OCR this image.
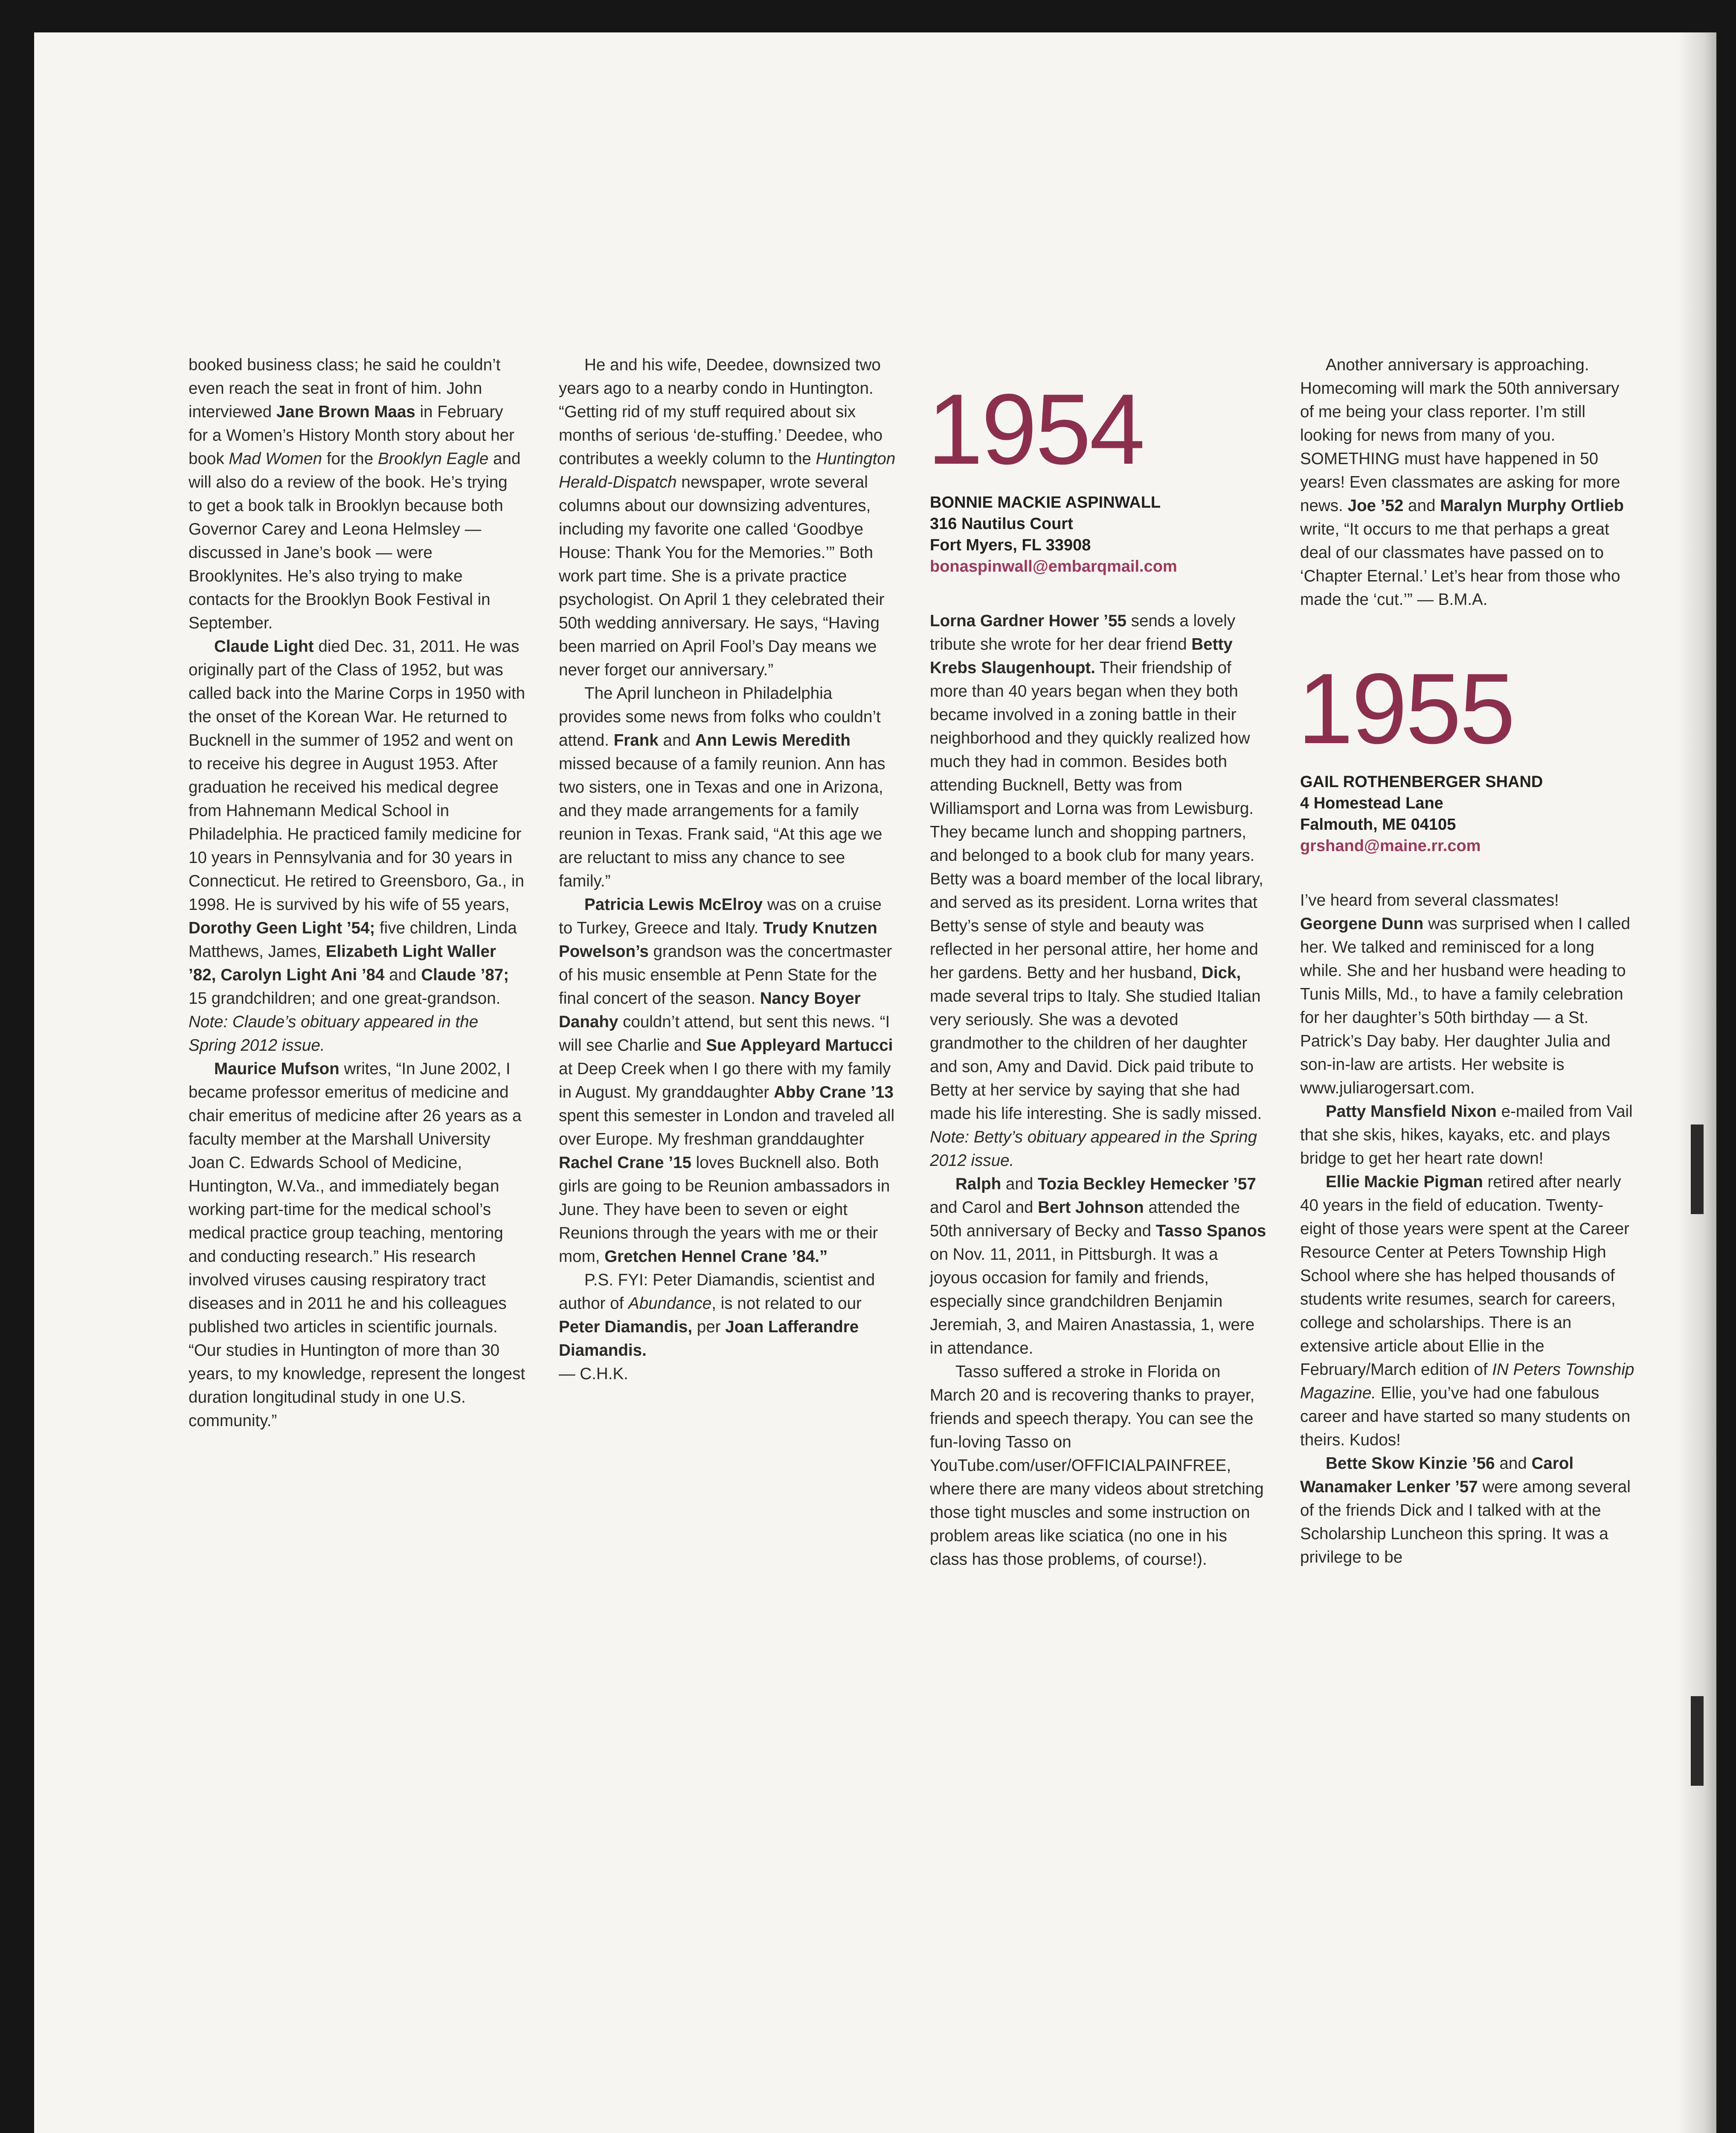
booked business class; he said he couldn’t even reach the seat in front of him. John interviewed Jane Brown Maas in February for a Women’s History Month story about her book Mad Women for the Brooklyn Eagle and will also do a review of the book. He’s trying to get a book talk in Brooklyn because both Governor Carey and Leona Helmsley — discussed in Jane’s book — were Brooklynites. He’s also trying to make contacts for the Brooklyn Book Festival in September.

Claude Light died Dec. 31, 2011. He was originally part of the Class of 1952, but was called back into the Marine Corps in 1950 with the onset of the Korean War. He returned to Bucknell in the summer of 1952 and went on to receive his degree in August 1953. After graduation he received his medical degree from Hahnemann Medical School in Philadelphia. He practiced family medicine for 10 years in Pennsylvania and for 30 years in Connecticut. He retired to Greensboro, Ga., in 1998. He is survived by his wife of 55 years, Dorothy Geen Light ’54; five children, Linda Matthews, James, Elizabeth Light Waller ’82, Carolyn Light Ani ’84 and Claude ’87; 15 grandchildren; and one great-grandson. Note: Claude’s obituary appeared in the Spring 2012 issue.

Maurice Mufson writes, “In June 2002, I became professor emeritus of medicine and chair emeritus of medicine after 26 years as a faculty member at the Marshall University Joan C. Edwards School of Medicine, Huntington, W.Va., and immediately began working part-time for the medical school’s medical practice group teaching, mentoring and conducting research.” His research involved viruses causing respiratory tract diseases and in 2011 he and his colleagues published two articles in scientific journals. “Our studies in Huntington of more than 30 years, to my knowledge, represent the longest duration longitudinal study in one U.S. community.”

He and his wife, Deedee, downsized two years ago to a nearby condo in Huntington. “Getting rid of my stuff required about six months of serious ‘de-stuffing.’ Deedee, who contributes a weekly column to the Huntington Herald-Dispatch newspaper, wrote several columns about our downsizing adventures, including my favorite one called ‘Goodbye House: Thank You for the Memories.’” Both work part time. She is a private practice psychologist. On April 1 they celebrated their 50th wedding anniversary. He says, “Having been married on April Fool’s Day means we never forget our anniversary.”

The April luncheon in Philadelphia provides some news from folks who couldn’t attend. Frank and Ann Lewis Meredith missed because of a family reunion. Ann has two sisters, one in Texas and one in Arizona, and they made arrangements for a family reunion in Texas. Frank said, “At this age we are reluctant to miss any chance to see family.”

Patricia Lewis McElroy was on a cruise to Turkey, Greece and Italy. Trudy Knutzen Powelson’s grandson was the concertmaster of his music ensemble at Penn State for the final concert of the season. Nancy Boyer Danahy couldn’t attend, but sent this news. “I will see Charlie and Sue Appleyard Martucci at Deep Creek when I go there with my family in August. My granddaughter Abby Crane ’13 spent this semester in London and traveled all over Europe. My freshman granddaughter Rachel Crane ’15 loves Bucknell also. Both girls are going to be Reunion ambassadors in June. They have been to seven or eight Reunions through the years with me or their mom, Gretchen Hennel Crane ’84.”

P.S. FYI: Peter Diamandis, scientist and author of Abundance, is not related to our Peter Diamandis, per Joan Lafferandre Diamandis.

— C.H.K.

1954
BONNIE MACKIE ASPINWALL
316 Nautilus Court
Fort Myers, FL 33908
bonaspinwall@embarqmail.com

Lorna Gardner Hower ’55 sends a lovely tribute she wrote for her dear friend Betty Krebs Slaugenhoupt. Their friendship of more than 40 years began when they both became involved in a zoning battle in their neighborhood and they quickly realized how much they had in common. Besides both attending Bucknell, Betty was from Williamsport and Lorna was from Lewisburg. They became lunch and shopping partners, and belonged to a book club for many years. Betty was a board member of the local library, and served as its president. Lorna writes that Betty’s sense of style and beauty was reflected in her personal attire, her home and her gardens. Betty and her husband, Dick, made several trips to Italy. She studied Italian very seriously. She was a devoted grandmother to the children of her daughter and son, Amy and David. Dick paid tribute to Betty at her service by saying that she had made his life interesting. She is sadly missed. Note: Betty’s obituary appeared in the Spring 2012 issue.

Ralph and Tozia Beckley Hemecker ’57 and Carol and Bert Johnson attended the 50th anniversary of Becky and Tasso Spanos on Nov. 11, 2011, in Pittsburgh. It was a joyous occasion for family and friends, especially since grandchildren Benjamin Jeremiah, 3, and Mairen Anastassia, 1, were in attendance.

Tasso suffered a stroke in Florida on March 20 and is recovering thanks to prayer, friends and speech therapy. You can see the fun-loving Tasso on YouTube.com/user/OFFICIALPAINFREE, where there are many videos about stretching those tight muscles and some instruction on problem areas like sciatica (no one in his class has those problems, of course!).

Another anniversary is approaching. Homecoming will mark the 50th anniversary of me being your class reporter. I’m still looking for news from many of you. SOMETHING must have happened in 50 years! Even classmates are asking for more news. Joe ’52 and Maralyn Murphy Ortlieb write, “It occurs to me that perhaps a great deal of our classmates have passed on to ‘Chapter Eternal.’ Let’s hear from those who made the ‘cut.’” — B.M.A.

1955
GAIL ROTHENBERGER SHAND
4 Homestead Lane
Falmouth, ME 04105
grshand@maine.rr.com

I’ve heard from several classmates! Georgene Dunn was surprised when I called her. We talked and reminisced for a long while. She and her husband were heading to Tunis Mills, Md., to have a family celebration for her daughter’s 50th birthday — a St. Patrick’s Day baby. Her daughter Julia and son-in-law are artists. Her website is www.juliarogersart.com.

Patty Mansfield Nixon e-mailed from Vail that she skis, hikes, kayaks, etc. and plays bridge to get her heart rate down!

Ellie Mackie Pigman retired after nearly 40 years in the field of education. Twenty-eight of those years were spent at the Career Resource Center at Peters Township High School where she has helped thousands of students write resumes, search for careers, college and scholarships. There is an extensive article about Ellie in the February/March edition of IN Peters Township Magazine. Ellie, you’ve had one fabulous career and have started so many students on theirs. Kudos!

Bette Skow Kinzie ’56 and Carol Wanamaker Lenker ’57 were among several of the friends Dick and I talked with at the Scholarship Luncheon this spring. It was a privilege to be
